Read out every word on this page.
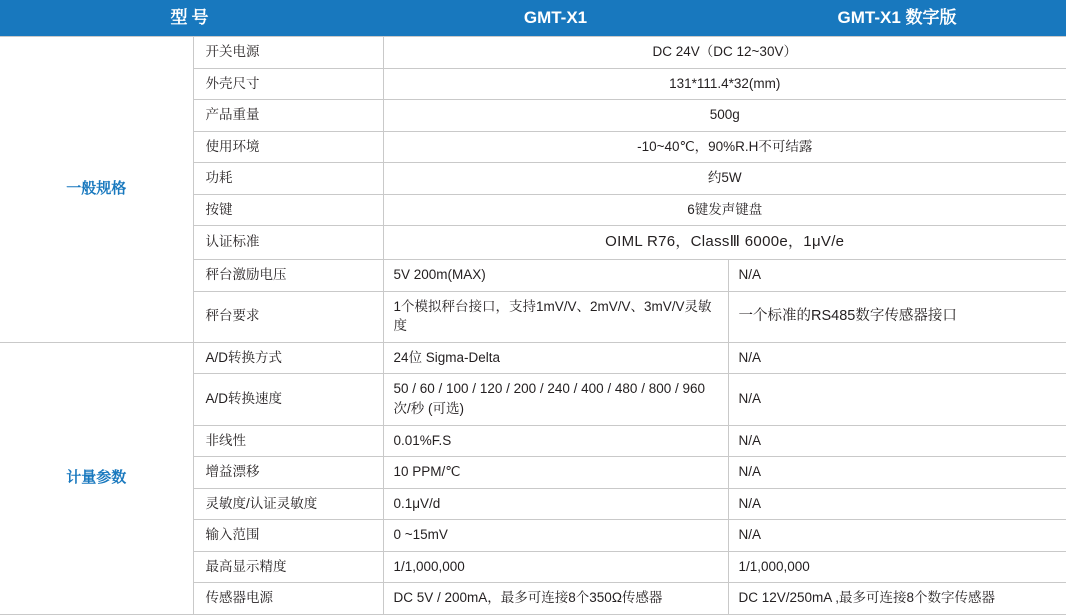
型号		GMT-X1	GMT-X1 数字版
一般规格	开关电源	DC 24V（DC 12~30V）	
	外壳尺寸	131*111.4*32(mm)	
	产品重量	500g	
	使用环境	-10~40℃，90%R.H不可结露	
	功耗	约5W	
	按键	6键发声键盘	
	认证标准	OIML R76，ClassⅢ 6000e，1μV/e	
	秤台激励电压	5V 200m(MAX)	N/A
	秤台要求	1个模拟秤台接口，支持1mV/V、2mV/V、3mV/V灵敏度	一个标准的RS485数字传感器接口
计量参数	A/D转换方式	24位 Sigma-Delta	N/A
	A/D转换速度	50 / 60 / 100 / 120 / 200 / 240 / 400 / 480 / 800 / 960次/秒 (可选)	N/A
	非线性	0.01%F.S	N/A
	增益漂移	10 PPM/℃	N/A
	灵敏度/认证灵敏度	0.1μV/d	N/A
	输入范围	0 ~15mV	N/A
	最高显示精度	1/1,000,000	1/1,000,000
	传感器电源	DC 5V / 200mA，最多可连接8个350Ω传感器	DC 12V/250mA ,最多可连接8个数字传感器
